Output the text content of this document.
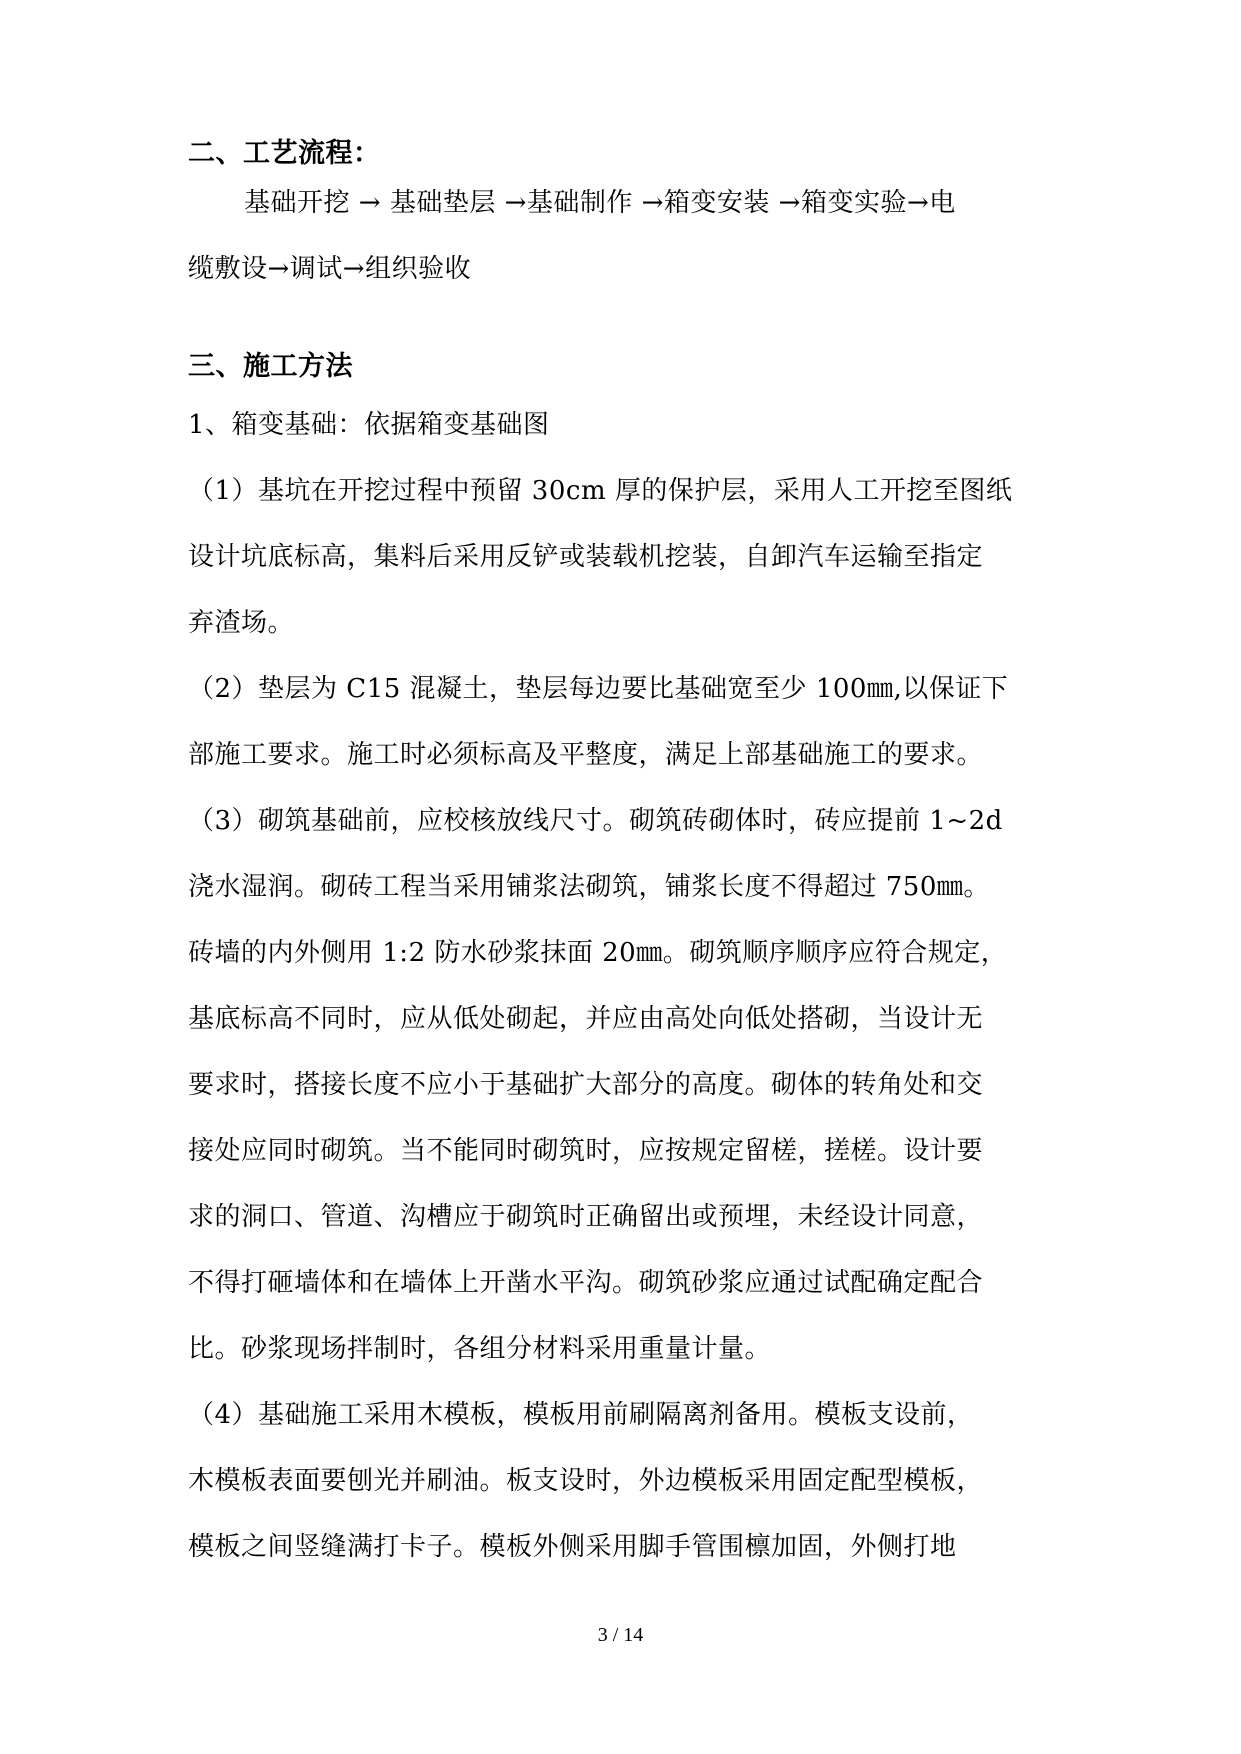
二、工艺流程：
基础开挖 → 基础垫层 →基础制作 →箱变安装 →箱变实验→电
缆敷设→调试→组织验收
三、施工方法
1、箱变基础：依据箱变基础图
（1）基坑在开挖过程中预留 30cm 厚的保护层，采用人工开挖至图纸
设计坑底标高，集料后采用反铲或装载机挖装，自卸汽车运输至指定
弃渣场。
（2）垫层为 C15 混凝土，垫层每边要比基础宽至少 100㎜,以保证下
部施工要求。施工时必须标高及平整度，满足上部基础施工的要求。
（3）砌筑基础前，应校核放线尺寸。砌筑砖砌体时，砖应提前 1~2d
浇水湿润。砌砖工程当采用铺浆法砌筑，铺浆长度不得超过 750㎜。
砖墙的内外侧用 1:2 防水砂浆抹面 20㎜。砌筑顺序顺序应符合规定，
基底标高不同时，应从低处砌起，并应由高处向低处搭砌，当设计无
要求时，搭接长度不应小于基础扩大部分的高度。砌体的转角处和交
接处应同时砌筑。当不能同时砌筑时，应按规定留槎，搓槎。设计要
求的洞口、管道、沟槽应于砌筑时正确留出或预埋，未经设计同意，
不得打砸墙体和在墙体上开凿水平沟。砌筑砂浆应通过试配确定配合
比。砂浆现场拌制时，各组分材料采用重量计量。
（4）基础施工采用木模板，模板用前刷隔离剂备用。模板支设前，
木模板表面要刨光并刷油。板支设时，外边模板采用固定配型模板，
模板之间竖缝满打卡子。模板外侧采用脚手管围檩加固，外侧打地
3 / 14
